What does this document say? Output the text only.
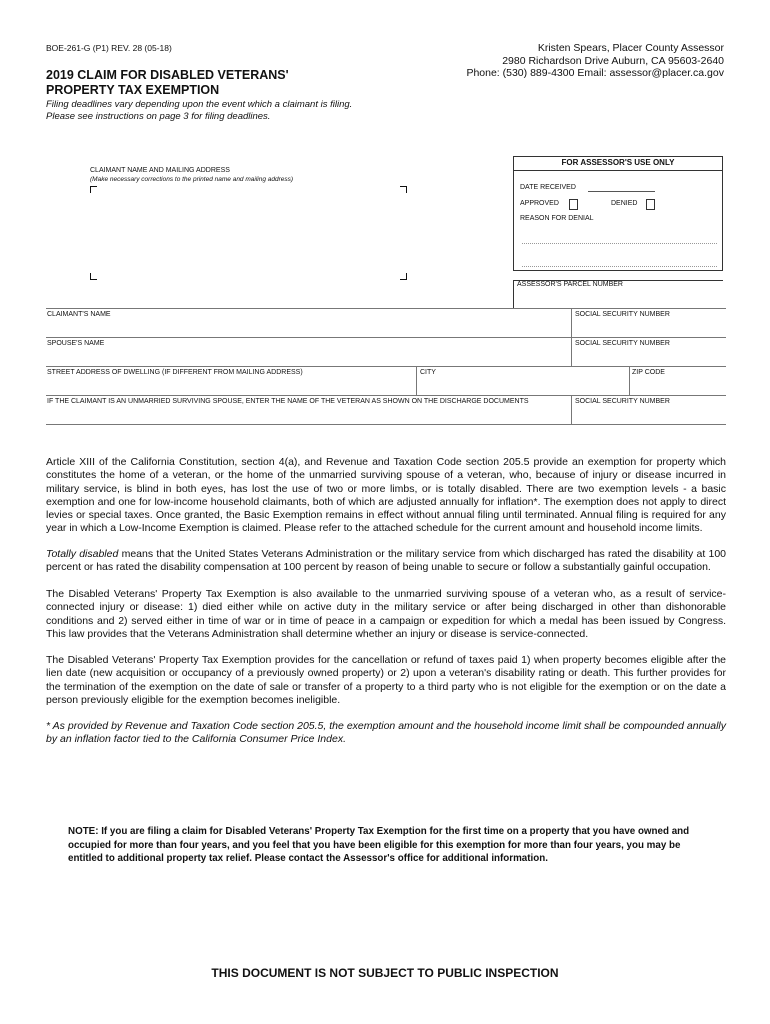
BOE-261-G (P1) REV. 28 (05-18)	Kristen Spears, Placer County Assessor
2980 Richardson Drive Auburn, CA 95603-2640
Phone: (530) 889-4300 Email: assessor@placer.ca.gov
2019 CLAIM FOR DISABLED VETERANS'
PROPERTY TAX EXEMPTION
Filing deadlines vary depending upon the event which a claimant is filing.
Please see instructions on page 3 for filing deadlines.
CLAIMANT NAME AND MAILING ADDRESS
(Make necessary corrections to the printed name and mailing address)
FOR ASSESSOR'S USE ONLY
DATE RECEIVED
APPROVED	DENIED
REASON FOR DENIAL
ASSESSOR'S PARCEL NUMBER
CLAIMANT'S NAME	SOCIAL SECURITY NUMBER
SPOUSE'S NAME	SOCIAL SECURITY NUMBER
STREET ADDRESS OF DWELLING (IF DIFFERENT FROM MAILING ADDRESS)	CITY	ZIP CODE
IF THE CLAIMANT IS AN UNMARRIED SURVIVING SPOUSE, ENTER THE NAME OF THE VETERAN AS SHOWN ON THE DISCHARGE DOCUMENTS	SOCIAL SECURITY NUMBER
Article XIII of the California Constitution, section 4(a), and Revenue and Taxation Code section 205.5 provide an exemption for property which constitutes the home of a veteran, or the home of the unmarried surviving spouse of a veteran, who, because of injury or disease incurred in military service, is blind in both eyes, has lost the use of two or more limbs, or is totally disabled. There are two exemption levels - a basic exemption and one for low-income household claimants, both of which are adjusted annually for inflation*. The exemption does not apply to direct levies or special taxes. Once granted, the Basic Exemption remains in effect without annual filing until terminated. Annual filing is required for any year in which a Low-Income Exemption is claimed. Please refer to the attached schedule for the current amount and household income limits.
Totally disabled means that the United States Veterans Administration or the military service from which discharged has rated the disability at 100 percent or has rated the disability compensation at 100 percent by reason of being unable to secure or follow a substantially gainful occupation.
The Disabled Veterans' Property Tax Exemption is also available to the unmarried surviving spouse of a veteran who, as a result of service-connected injury or disease: 1) died either while on active duty in the military service or after being discharged in other than dishonorable conditions and 2) served either in time of war or in time of peace in a campaign or expedition for which a medal has been issued by Congress. This law provides that the Veterans Administration shall determine whether an injury or disease is service-connected.
The Disabled Veterans' Property Tax Exemption provides for the cancellation or refund of taxes paid 1) when property becomes eligible after the lien date (new acquisition or occupancy of a previously owned property) or 2) upon a veteran's disability rating or death. This further provides for the termination of the exemption on the date of sale or transfer of a property to a third party who is not eligible for the exemption or on the date a person previously eligible for the exemption becomes ineligible.
* As provided by Revenue and Taxation Code section 205.5, the exemption amount and the household income limit shall be compounded annually by an inflation factor tied to the California Consumer Price Index.
NOTE: If you are filing a claim for Disabled Veterans' Property Tax Exemption for the first time on a property that you have owned and occupied for more than four years, and you feel that you have been eligible for this exemption for more than four years, you may be entitled to additional property tax relief. Please contact the Assessor's office for additional information.
THIS DOCUMENT IS NOT SUBJECT TO PUBLIC INSPECTION
